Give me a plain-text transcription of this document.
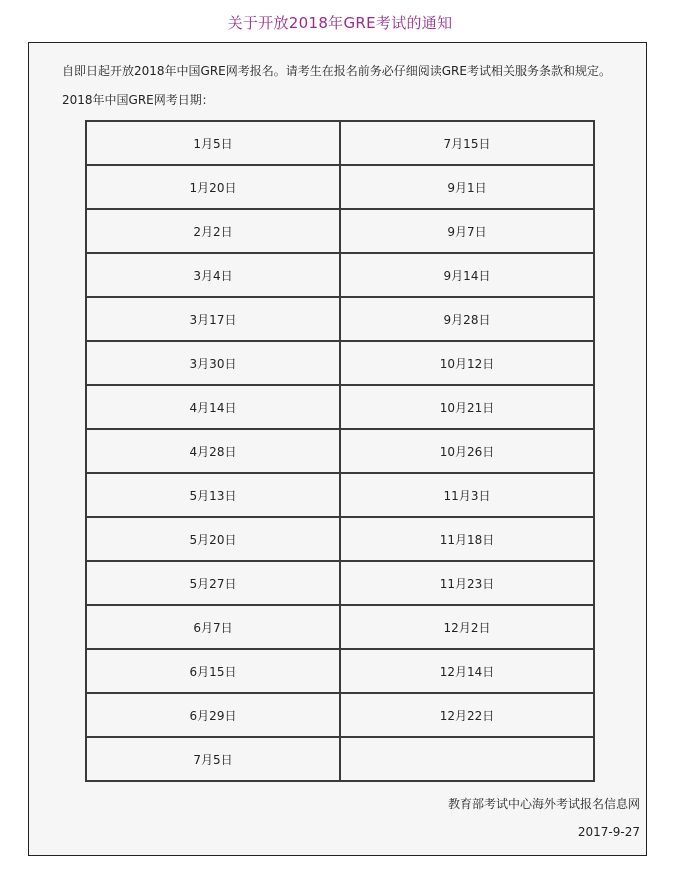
关于开放2018年GRE考试的通知
自即日起开放2018年中国GRE网考报名。请考生在报名前务必仔细阅读GRE考试相关服务条款和规定。
2018年中国GRE网考日期：
1月5日	7月15日
1月20日	9月1日
2月2日	9月7日
3月4日	9月14日
3月17日	9月28日
3月30日	10月12日
4月14日	10月21日
4月28日	10月26日
5月13日	11月3日
5月20日	11月18日
5月27日	11月23日
6月7日	12月2日
6月15日	12月14日
6月29日	12月22日
7月5日
教育部考试中心海外考试报名信息网
2017-9-27
